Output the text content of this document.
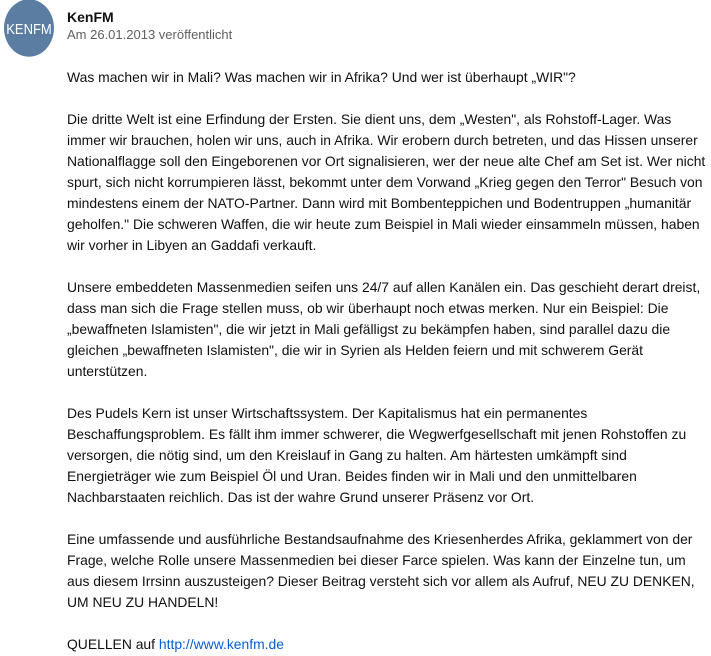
KENFM
KenFM
Am 26.01.2013 veröffentlicht

Was machen wir in Mali? Was machen wir in Afrika? Und wer ist überhaupt „WIR"?

Die dritte Welt ist eine Erfindung der Ersten. Sie dient uns, dem „Westen", als Rohstoff-Lager. Was immer wir brauchen, holen wir uns, auch in Afrika. Wir erobern durch betreten, und das Hissen unserer Nationalflagge soll den Eingeborenen vor Ort signalisieren, wer der neue alte Chef am Set ist. Wer nicht spurt, sich nicht korrumpieren lässt, bekommt unter dem Vorwand „Krieg gegen den Terror" Besuch von mindestens einem der NATO-Partner. Dann wird mit Bombenteppichen und Bodentruppen „humanitär geholfen." Die schweren Waffen, die wir heute zum Beispiel in Mali wieder einsammeln müssen, haben wir vorher in Libyen an Gaddafi verkauft.

Unsere embeddeten Massenmedien seifen uns 24/7 auf allen Kanälen ein. Das geschieht derart dreist, dass man sich die Frage stellen muss, ob wir überhaupt noch etwas merken. Nur ein Beispiel: Die „bewaffneten Islamisten", die wir jetzt in Mali gefälligst zu bekämpfen haben, sind parallel dazu die gleichen „bewaffneten Islamisten", die wir in Syrien als Helden feiern und mit schwerem Gerät unterstützen.

Des Pudels Kern ist unser Wirtschaftssystem. Der Kapitalismus hat ein permanentes Beschaffungsproblem. Es fällt ihm immer schwerer, die Wegwerfgesellschaft mit jenen Rohstoffen zu versorgen, die nötig sind, um den Kreislauf in Gang zu halten. Am härtesten umkämpft sind Energieträger wie zum Beispiel Öl und Uran. Beides finden wir in Mali und den unmittelbaren Nachbarstaaten reichlich. Das ist der wahre Grund unserer Präsenz vor Ort.

Eine umfassende und ausführliche Bestandsaufnahme des Kriesenherdes Afrika, geklammert von der Frage, welche Rolle unsere Massenmedien bei dieser Farce spielen. Was kann der Einzelne tun, um aus diesem Irrsinn auszusteigen? Dieser Beitrag versteht sich vor allem als Aufruf, NEU ZU DENKEN, UM NEU ZU HANDELN!

QUELLEN auf http://www.kenfm.de
